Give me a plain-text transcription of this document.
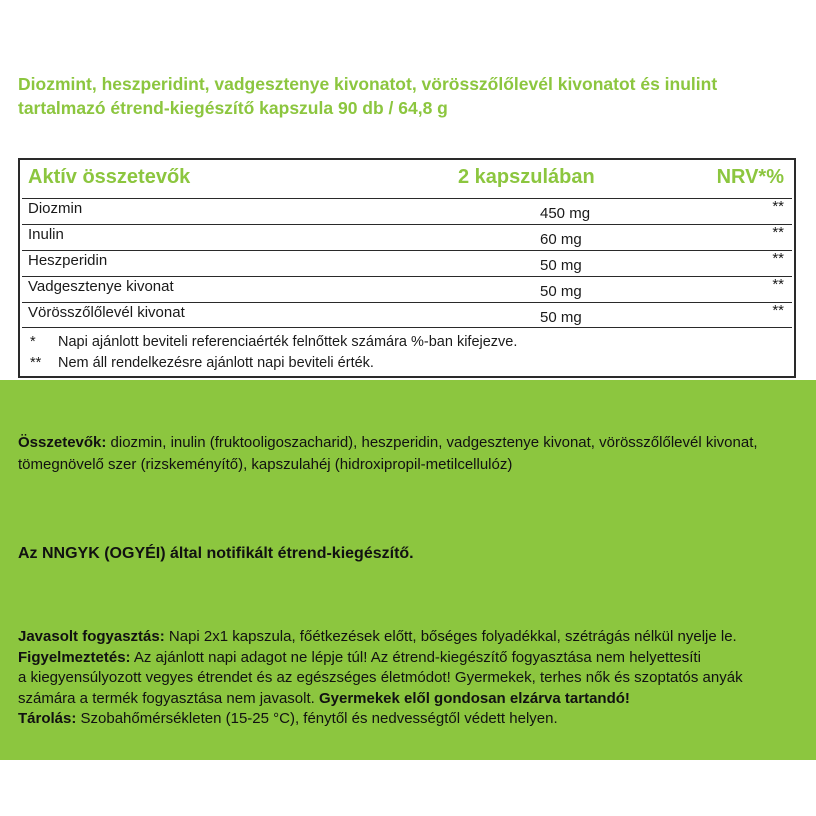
Diozmint, heszperidint, vadgesztenye kivonatot, vörösszőlőlevél kivonatot és inulint
tartalmazó étrend-kiegészítő kapszula 90 db / 64,8 g
Aktív összetevők	2 kapszulában	NRV*%
Diozmin	450 mg	**
Inulin	60 mg	**
Heszperidin	50 mg	**
Vadgesztenye kivonat	50 mg	**
Vörösszőlőlevél kivonat	50 mg	**
*	Napi ajánlott beviteli referenciaérték felnőttek számára %-ban kifejezve.
**	Nem áll rendelkezésre ajánlott napi beviteli érték.
Összetevők: diozmin, inulin (fruktooligoszacharid), heszperidin, vadgesztenye kivonat, vörösszőlőlevél kivonat,
tömegnövelő szer (rizskeményítő), kapszulahéj (hidroxipropil-metilcellulóz)
Az NNGYK (OGYÉI) által notifikált étrend-kiegészítő.
Javasolt fogyasztás: Napi 2x1 kapszula, főétkezések előtt, bőséges folyadékkal, szétrágás nélkül nyelje le.
Figyelmeztetés: Az ajánlott napi adagot ne lépje túl! Az étrend-kiegészítő fogyasztása nem helyettesíti
a kiegyensúlyozott vegyes étrendet és az egészséges életmódot! Gyermekek, terhes nők és szoptatós anyák
számára a termék fogyasztása nem javasolt. Gyermekek elől gondosan elzárva tartandó!
Tárolás: Szobahőmérsékleten (15-25 °C), fénytől és nedvességtől védett helyen.
